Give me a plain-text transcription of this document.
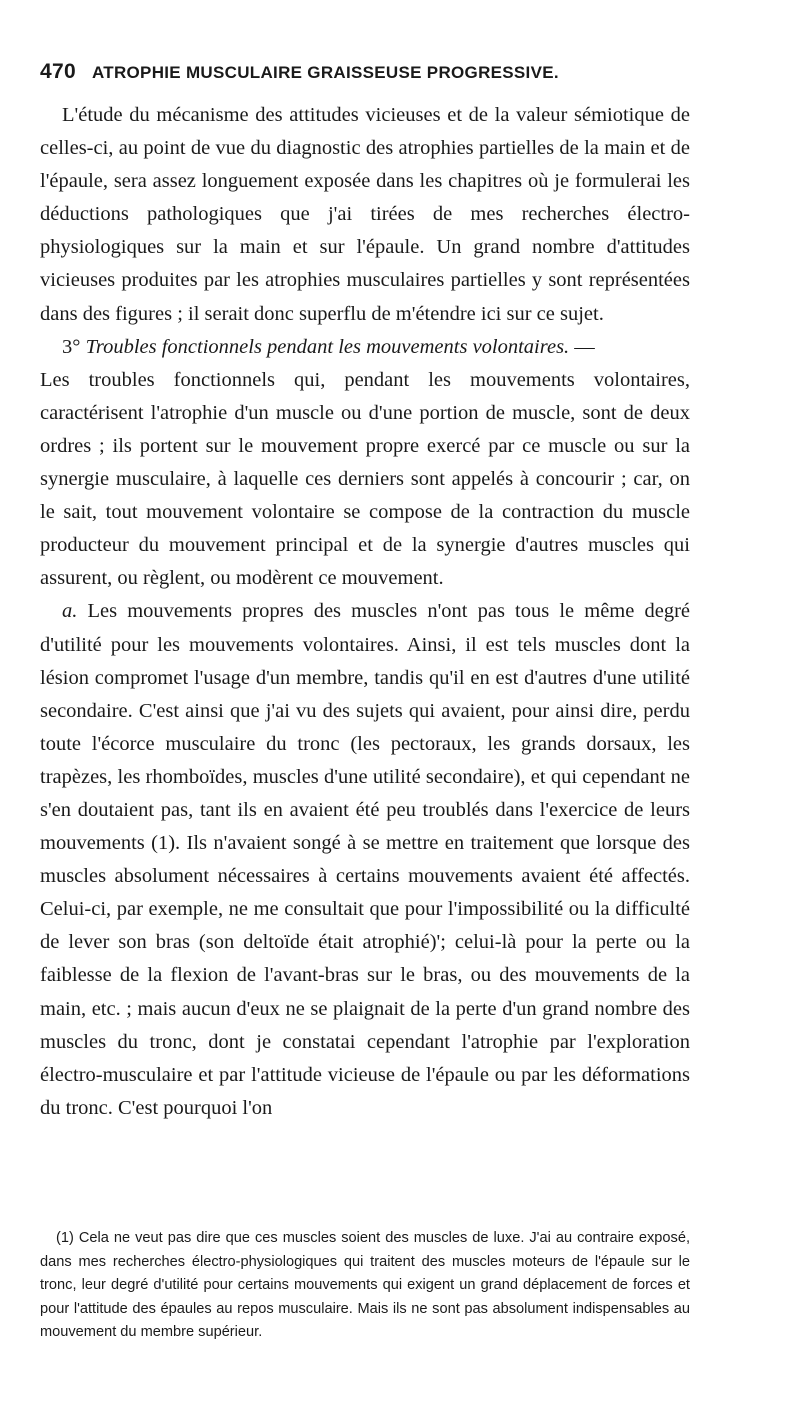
470 ATROPHIE MUSCULAIRE GRAISSEUSE PROGRESSIVE.

L'étude du mécanisme des attitudes vicieuses et de la valeur sémiotique de celles-ci, au point de vue du diagnostic des atrophies partielles de la main et de l'épaule, sera assez longuement exposée dans les chapitres où je formulerai les déductions pathologiques que j'ai tirées de mes recherches électro-physiologiques sur la main et sur l'épaule. Un grand nombre d'attitudes vicieuses produites par les atrophies musculaires partielles y sont représentées dans des figures ; il serait donc superflu de m'étendre ici sur ce sujet.

3° Troubles fonctionnels pendant les mouvements volontaires. —

Les troubles fonctionnels qui, pendant les mouvements volontaires, caractérisent l'atrophie d'un muscle ou d'une portion de muscle, sont de deux ordres ; ils portent sur le mouvement propre exercé par ce muscle ou sur la synergie musculaire, à laquelle ces derniers sont appelés à concourir ; car, on le sait, tout mouvement volontaire se compose de la contraction du muscle producteur du mouvement principal et de la synergie d'autres muscles qui assurent, ou règlent, ou modèrent ce mouvement.

a. Les mouvements propres des muscles n'ont pas tous le même degré d'utilité pour les mouvements volontaires. Ainsi, il est tels muscles dont la lésion compromet l'usage d'un membre, tandis qu'il en est d'autres d'une utilité secondaire. C'est ainsi que j'ai vu des sujets qui avaient, pour ainsi dire, perdu toute l'écorce musculaire du tronc (les pectoraux, les grands dorsaux, les trapèzes, les rhomboïdes, muscles d'une utilité secondaire), et qui cependant ne s'en doutaient pas, tant ils en avaient été peu troublés dans l'exercice de leurs mouvements (1). Ils n'avaient songé à se mettre en traitement que lorsque des muscles absolument nécessaires à certains mouvements avaient été affectés. Celui-ci, par exemple, ne me consultait que pour l'impossibilité ou la difficulté de lever son bras (son deltoïde était atrophié)'; celui-là pour la perte ou la faiblesse de la flexion de l'avant-bras sur le bras, ou des mouvements de la main, etc. ; mais aucun d'eux ne se plaignait de la perte d'un grand nombre des muscles du tronc, dont je constatai cependant l'atrophie par l'exploration électro-musculaire et par l'attitude vicieuse de l'épaule ou par les déformations du tronc. C'est pourquoi l'on

(1) Cela ne veut pas dire que ces muscles soient des muscles de luxe. J'ai au contraire exposé, dans mes recherches électro-physiologiques qui traitent des muscles moteurs de l'épaule sur le tronc, leur degré d'utilité pour certains mouvements qui exigent un grand déplacement de forces et pour l'attitude des épaules au repos musculaire. Mais ils ne sont pas absolument indispensables au mouvement du membre supérieur.
